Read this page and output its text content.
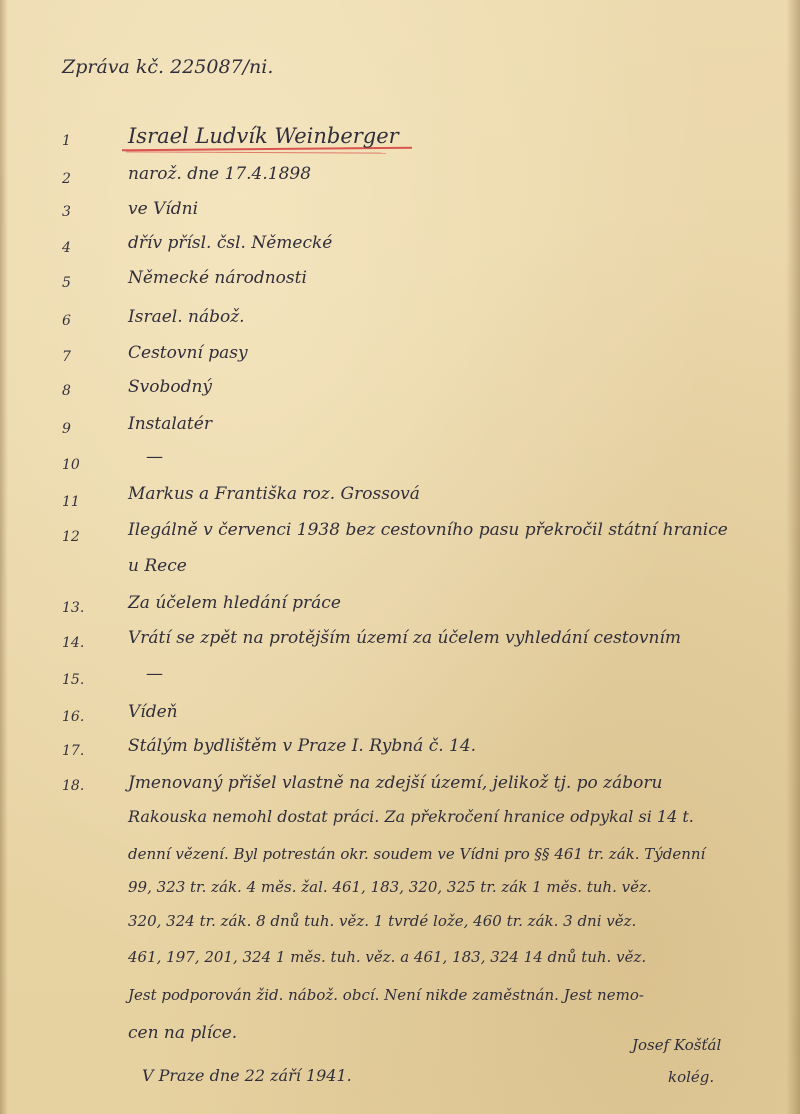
Zpráva kč. 225087/ni.
1	Israel Ludvík Weinberger
2	narož. dne 17.4.1898
3	ve Vídni
4	dřív přísl. čsl. Německé
5	Německé národnosti
6	Israel. nábož.
7	Cestovní pasy
8	Svobodný
9	Instalatér
10	—
11	Markus a Františka roz. Grossová
12	Ilegálně v červenci 1938 bez cestovního pasu překročil státní hranice
u Rece
13.	Za účelem hledání práce
14.	Vrátí se zpět na protějším území za účelem vyhledání cestovním
15.	—
16.	Vídeň
17.	Stálým bydlištěm v Praze I. Rybná č. 14.
18.	Jmenovaný přišel vlastně na zdejší území, jelikož tj. po záboru
Rakouska nemohl dostat práci. Za překročení hranice odpykal si 14 t.
denní vězení. Byl potrestán okr. soudem ve Vídni pro §§ 461 tr. zák. Týdenní
99, 323 tr. zák. 4 měs. žal. 461, 183, 320, 325 tr. zák 1 měs. tuh. věz.
320, 324 tr. zák. 8 dnů tuh. věz. 1 tvrdé lože, 460 tr. zák. 3 dni věz.
461, 197, 201, 324 1 měs. tuh. věz. a 461, 183, 324 14 dnů tuh. věz.
Jest podporován žid. nábož. obcí. Není nikde zaměstnán. Jest nemo-
cen na plíce.
V Praze dne 22 září 1941.
Josef Košťál
kolég.
